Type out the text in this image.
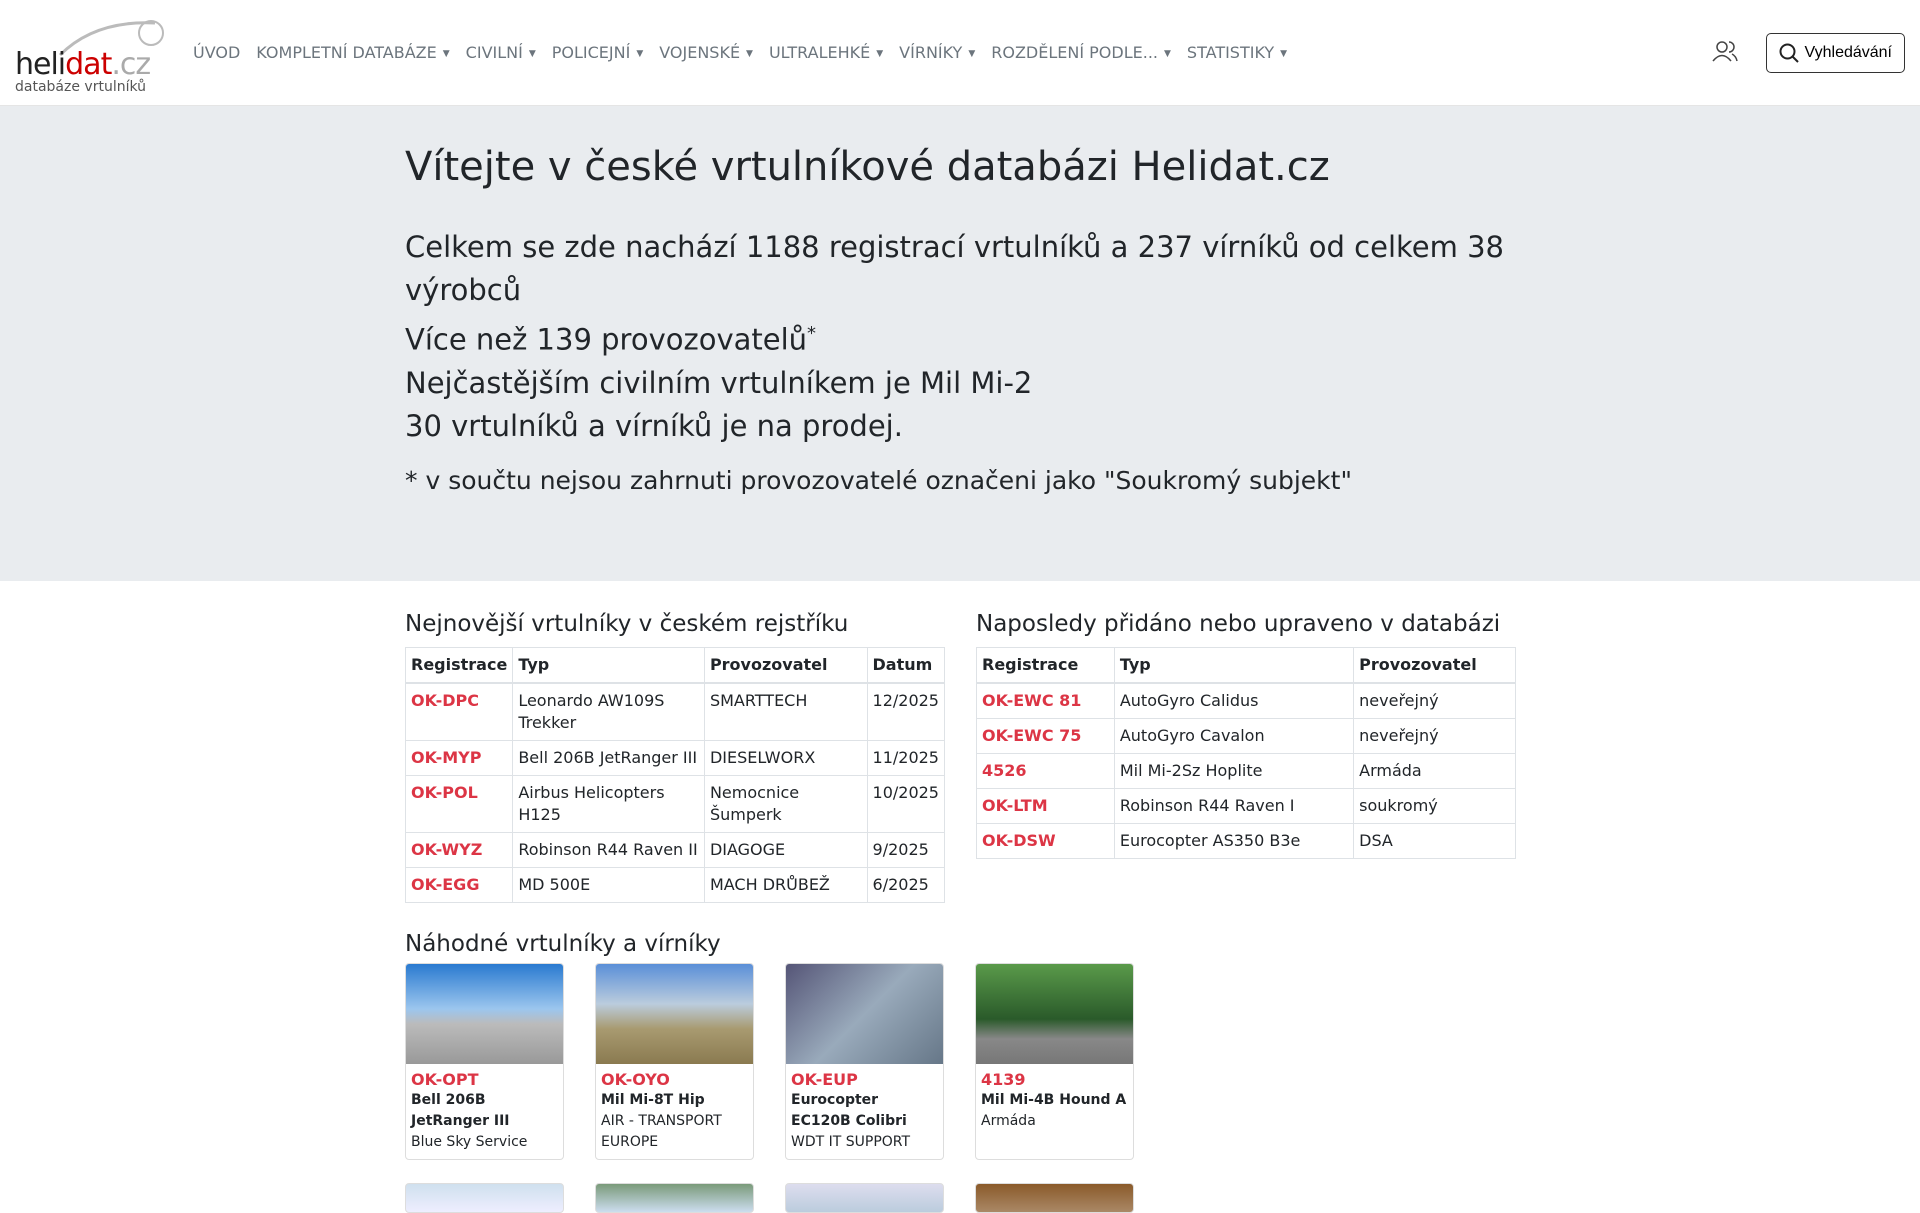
helidat.cz
databáze vrtulníků
ÚVOD	KOMPLETNÍ DATABÁZE ▼	CIVILNÍ ▼	POLICEJNÍ ▼	VOJENSKÉ ▼	ULTRALEHKÉ ▼	VÍRNÍKY ▼	ROZDĚLENÍ PODLE... ▼	STATISTIKY ▼	Vyhledávání
Vítejte v české vrtulníkové databázi Helidat.cz
Celkem se zde nachází 1188 registrací vrtulníků a 237 vírníků od celkem 38 výrobců
Více než 139 provozovatelů*
Nejčastějším civilním vrtulníkem je Mil Mi-2
30 vrtulníků a vírníků je na prodej.
* v součtu nejsou zahrnuti provozovatelé označeni jako "Soukromý subjekt"
Nejnovější vrtulníky v českém rejstříku
Registrace	Typ	Provozovatel	Datum
OK-DPC	Leonardo AW109S Trekker	SMARTTECH	12/2025
OK-MYP	Bell 206B JetRanger III	DIESELWORX	11/2025
OK-POL	Airbus Helicopters H125	Nemocnice Šumperk	10/2025
OK-WYZ	Robinson R44 Raven II	DIAGOGE	9/2025
OK-EGG	MD 500E	MACH DRŮBEŽ	6/2025
Naposledy přidáno nebo upraveno v databázi
Registrace	Typ	Provozovatel
OK-EWC 81	AutoGyro Calidus	neveřejný
OK-EWC 75	AutoGyro Cavalon	neveřejný
4526	Mil Mi-2Sz Hoplite	Armáda
OK-LTM	Robinson R44 Raven I	soukromý
OK-DSW	Eurocopter AS350 B3e	DSA
Náhodné vrtulníky a vírníky
OK-OPT
Bell 206B JetRanger III
Blue Sky Service
OK-OYO
Mil Mi-8T Hip
AIR - TRANSPORT EUROPE
OK-EUP
Eurocopter EC120B Colibri
WDT IT SUPPORT
4139
Mil Mi-4B Hound A
Armáda
